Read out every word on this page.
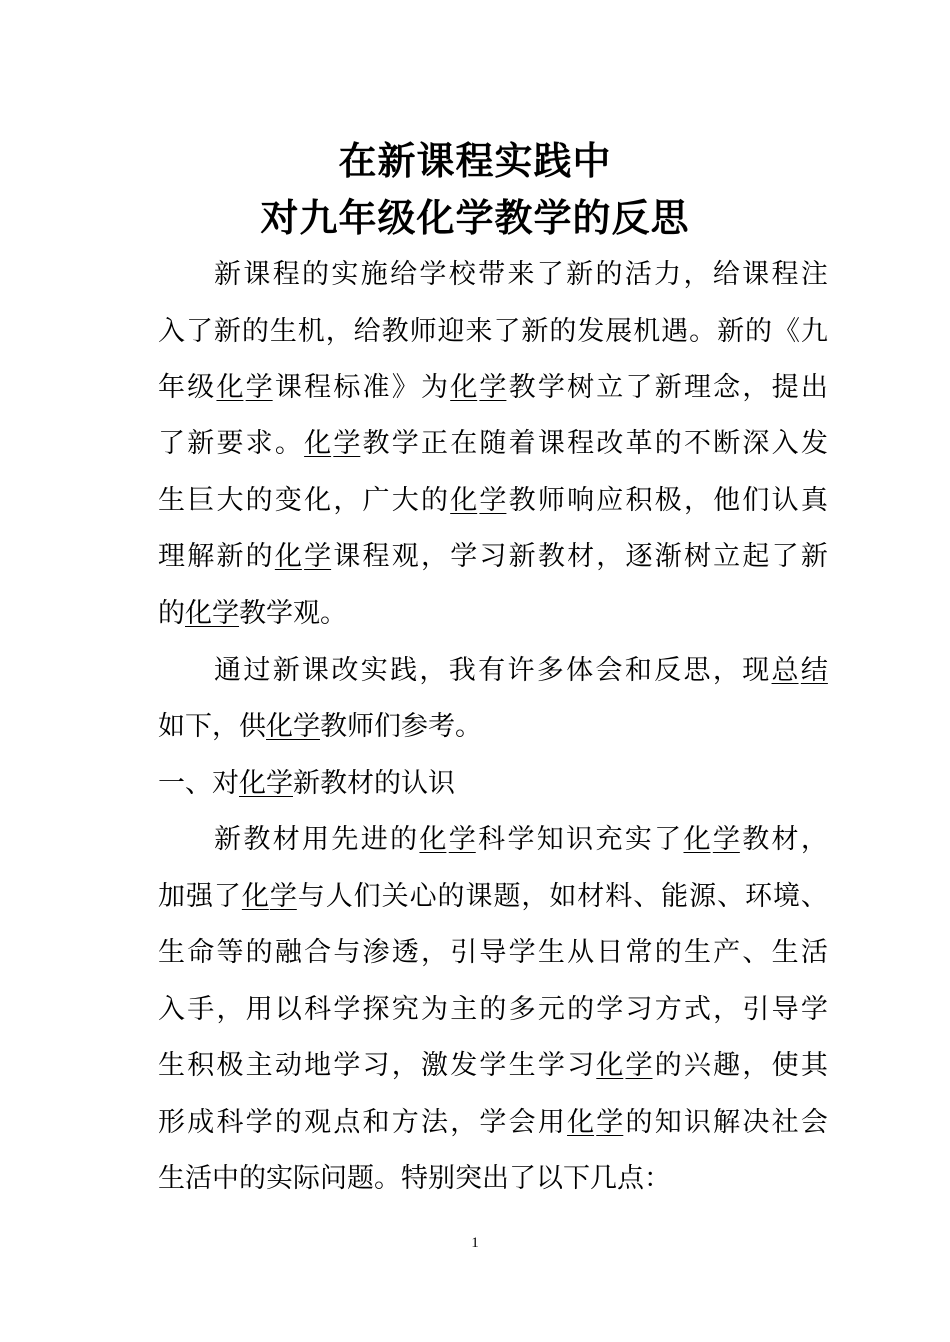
在新课程实践中
对九年级化学教学的反思
新 课 程 的 实 施 给 学 校 带 来 了 新 的 活 力 ， 给 课 程 注
入 了 新 的 生 机 ， 给 教 师 迎 来 了 新 的 发 展 机 遇 。 新 的 《 九
年 级 化 学 课 程 标 准 》 为 化 学 教 学 树 立 了 新 理 念 ， 提 出
了 新 要 求 。 化 学 教 学 正 在 随 着 课 程 改 革 的 不 断 深 入 发
生 巨 大 的 变 化 ， 广 大 的 化 学 教 师 响 应 积 极 ， 他 们 认 真
理 解 新 的 化 学 课 程 观 ， 学 习 新 教 材 ， 逐 渐 树 立 起 了 新
的 化 学 教 学 观 。
通 过 新 课 改 实 践 ， 我 有 许 多 体 会 和 反 思 ， 现 总 结
如 下 ， 供 化 学 教 师 们 参 考 。
一 、 对 化 学 新 教 材 的 认 识
新 教 材 用 先 进 的 化 学 科 学 知 识 充 实 了 化 学 教 材 ，
加 强 了 化 学 与 人 们 关 心 的 课 题 ， 如 材 料 、 能 源 、 环 境 、
生 命 等 的 融 合 与 渗 透 ， 引 导 学 生 从 日 常 的 生 产 、 生 活
入 手 ， 用 以 科 学 探 究 为 主 的 多 元 的 学 习 方 式 ， 引 导 学
生 积 极 主 动 地 学 习 ， 激 发 学 生 学 习 化 学 的 兴 趣 ， 使 其
形 成 科 学 的 观 点 和 方 法 ， 学 会 用 化 学 的 知 识 解 决 社 会
生 活 中 的 实 际 问 题 。 特 别 突 出 了 以 下 几 点 ：
1
